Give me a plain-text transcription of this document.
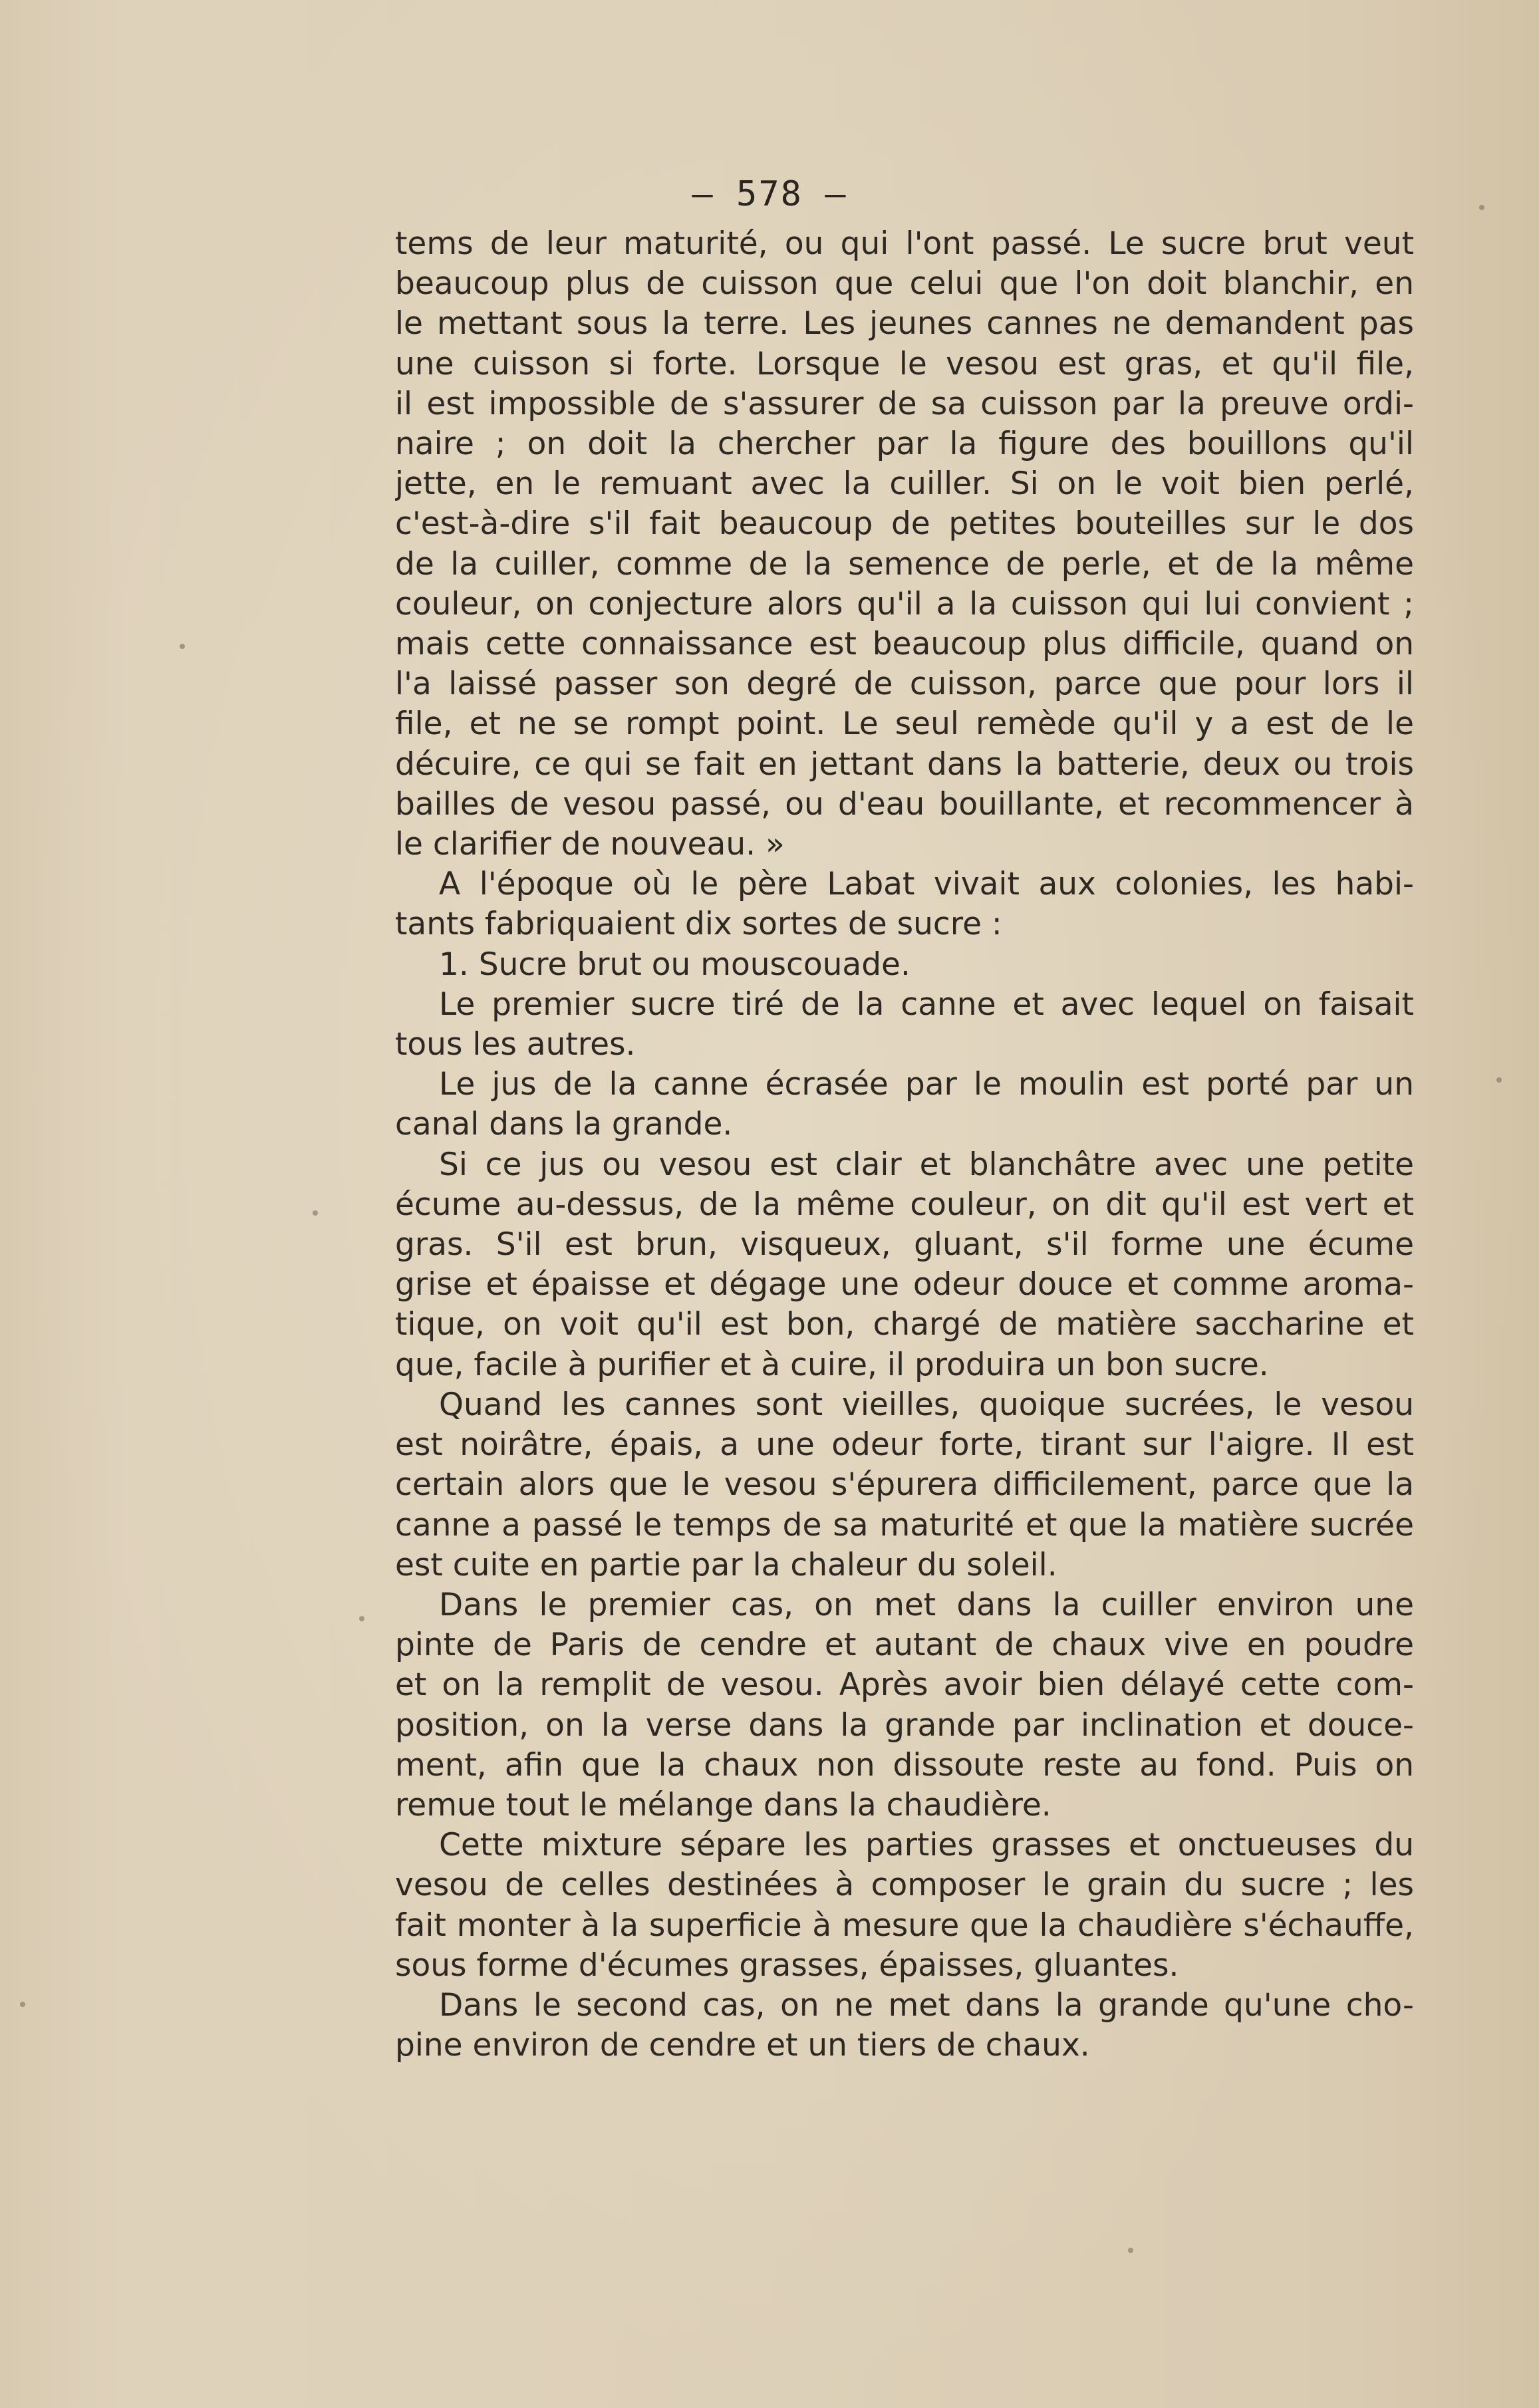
— 578 —
tems de leur maturité, ou qui l'ont passé. Le sucre brut veut
beaucoup plus de cuisson que celui que l'on doit blanchir, en
le mettant sous la terre. Les jeunes cannes ne demandent pas
une cuisson si forte. Lorsque le vesou est gras, et qu'il file,
il est impossible de s'assurer de sa cuisson par la preuve ordi-
naire ; on doit la chercher par la figure des bouillons qu'il
jette, en le remuant avec la cuiller. Si on le voit bien perlé,
c'est-à-dire s'il fait beaucoup de petites bouteilles sur le dos
de la cuiller, comme de la semence de perle, et de la même
couleur, on conjecture alors qu'il a la cuisson qui lui convient ;
mais cette connaissance est beaucoup plus difficile, quand on
l'a laissé passer son degré de cuisson, parce que pour lors il
file, et ne se rompt point. Le seul remède qu'il y a est de le
décuire, ce qui se fait en jettant dans la batterie, deux ou trois
bailles de vesou passé, ou d'eau bouillante, et recommencer à
le clarifier de nouveau. »
A l'époque où le père Labat vivait aux colonies, les habi-
tants fabriquaient dix sortes de sucre :
1. Sucre brut ou mouscouade.
Le premier sucre tiré de la canne et avec lequel on faisait
tous les autres.
Le jus de la canne écrasée par le moulin est porté par un
canal dans la grande.
Si ce jus ou vesou est clair et blanchâtre avec une petite
écume au-dessus, de la même couleur, on dit qu'il est vert et
gras. S'il est brun, visqueux, gluant, s'il forme une écume
grise et épaisse et dégage une odeur douce et comme aroma-
tique, on voit qu'il est bon, chargé de matière saccharine et
que, facile à purifier et à cuire, il produira un bon sucre.
Quand les cannes sont vieilles, quoique sucrées, le vesou
est noirâtre, épais, a une odeur forte, tirant sur l'aigre. Il est
certain alors que le vesou s'épurera difficilement, parce que la
canne a passé le temps de sa maturité et que la matière sucrée
est cuite en partie par la chaleur du soleil.
Dans le premier cas, on met dans la cuiller environ une
pinte de Paris de cendre et autant de chaux vive en poudre
et on la remplit de vesou. Après avoir bien délayé cette com-
position, on la verse dans la grande par inclination et douce-
ment, afin que la chaux non dissoute reste au fond. Puis on
remue tout le mélange dans la chaudière.
Cette mixture sépare les parties grasses et onctueuses du
vesou de celles destinées à composer le grain du sucre ; les
fait monter à la superficie à mesure que la chaudière s'échauffe,
sous forme d'écumes grasses, épaisses, gluantes.
Dans le second cas, on ne met dans la grande qu'une cho-
pine environ de cendre et un tiers de chaux.
